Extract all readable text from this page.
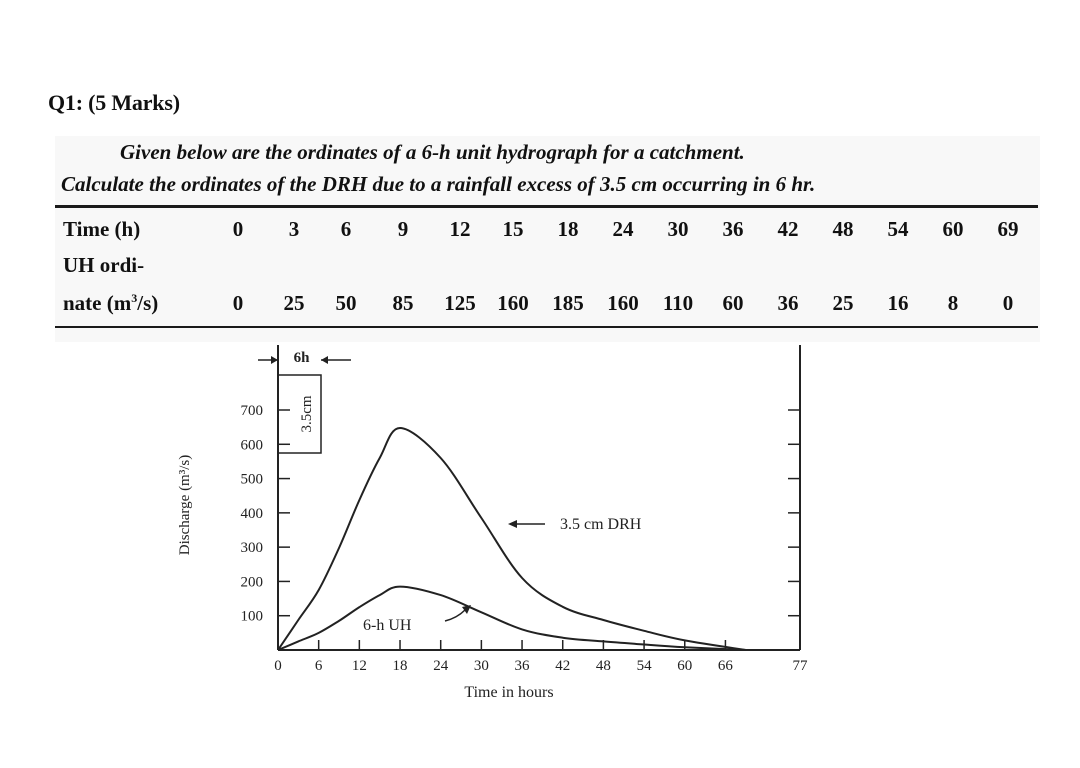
Q1: (5 Marks)
Given below are the ordinates of a 6-h unit hydrograph for a catchment.
Calculate the ordinates of the DRH due to a rainfall excess of 3.5 cm occurring in 6 hr.
Time (h)
UH ordi-
nate $(m^3/s)$
0 3 6 9 12 15 18 24 30 36 42 48 54 60 69
0 25 50 85 125 160 185 160 110 60 36 25 16 8 0
100
200
300
400
500
600
700
0 6 12 18 24 30 36 42 48 54 60 66	77
6h
3.5cm
3.5 cm DRH
6-h UH
Time in hours
Discharge (m³/s)
